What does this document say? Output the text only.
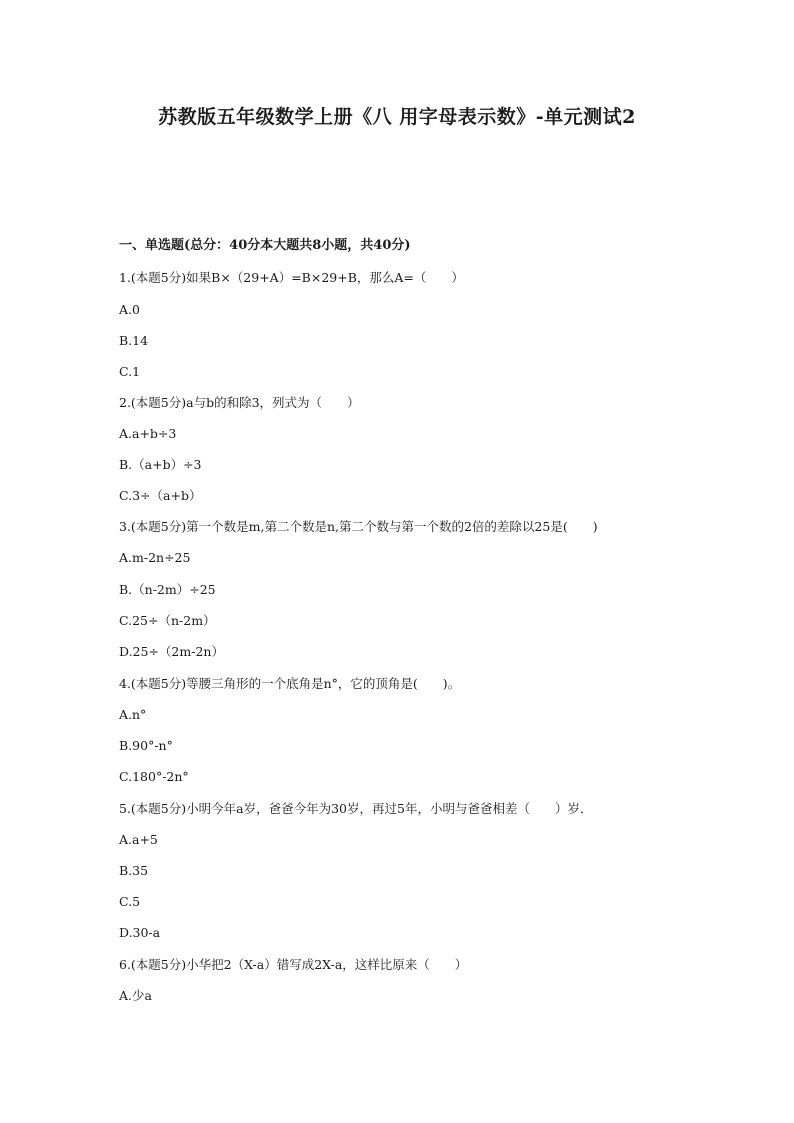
苏教版五年级数学上册《八 用字母表示数》-单元测试2
一、单选题(总分：40分本大题共8小题，共40分)
1.(本题5分)如果B×（29+A）=B×29+B，那么A=（　　）
A.0
B.14
C.1
2.(本题5分)a与b的和除3，列式为（　　）
A.a+b÷3
B.（a+b）÷3
C.3÷（a+b）
3.(本题5分)第一个数是m,第二个数是n,第二个数与第一个数的2倍的差除以25是(　　)
A.m-2n÷25
B.（n-2m）÷25
C.25÷（n-2m）
D.25÷（2m-2n）
4.(本题5分)等腰三角形的一个底角是n°，它的顶角是(　　)。
A.n°
B.90°-n°
C.180°-2n°
5.(本题5分)小明今年a岁，爸爸今年为30岁，再过5年，小明与爸爸相差（　　）岁．
A.a+5
B.35
C.5
D.30-a
6.(本题5分)小华把2（X-a）错写成2X-a，这样比原来（　　）
A.少a
